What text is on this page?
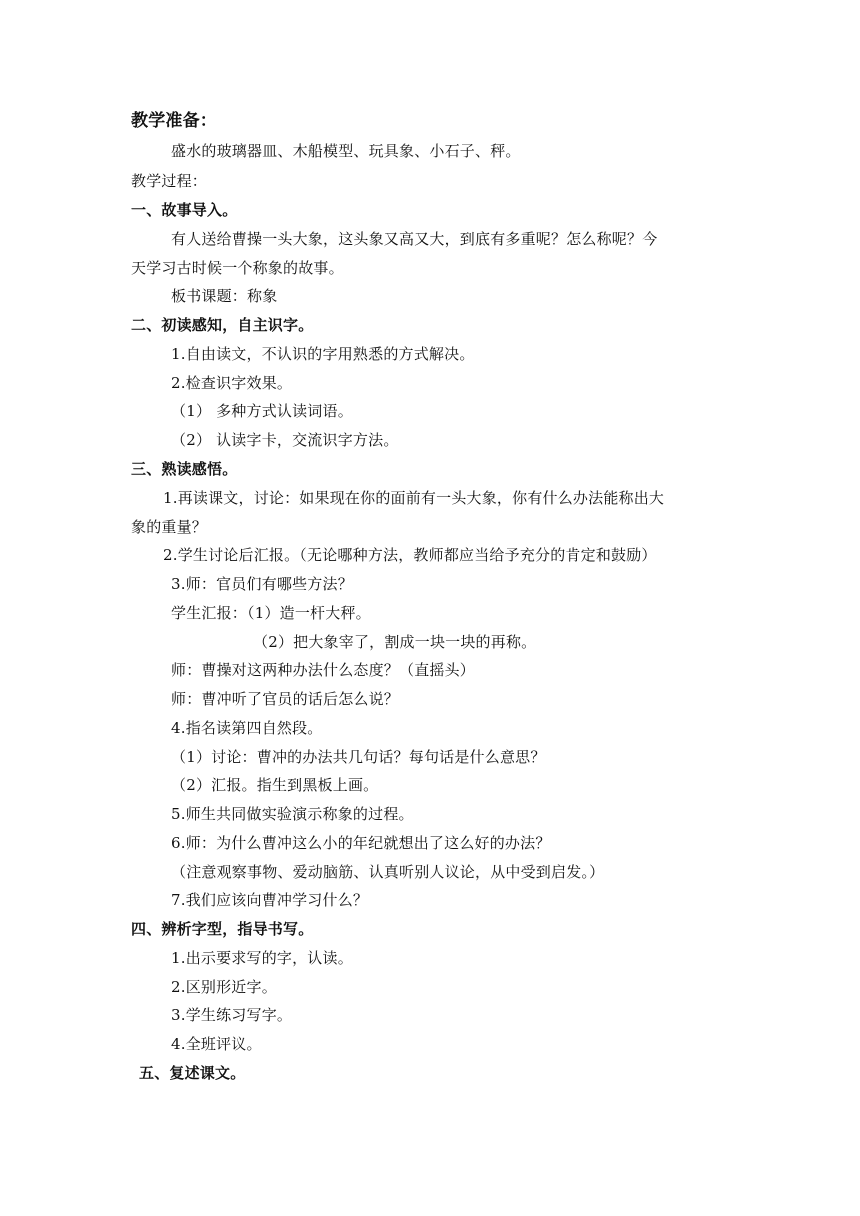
教学准备：
盛水的玻璃器皿、木船模型、玩具象、小石子、秤。
教学过程：
一、故事导入。
有人送给曹操一头大象，这头象又高又大，到底有多重呢？怎么称呢？今
天学习古时候一个称象的故事。
板书课题：称象
二、初读感知，自主识字。
1.自由读文，不认识的字用熟悉的方式解决。
2.检查识字效果。
（1） 多种方式认读词语。
（2） 认读字卡，交流识字方法。
三、熟读感悟。
1.再读课文，讨论：如果现在你的面前有一头大象，你有什么办法能称出大
象的重量？
2.学生讨论后汇报。（无论哪种方法，教师都应当给予充分的肯定和鼓励）
3.师：官员们有哪些方法？
学生汇报：（1）造一杆大秤。
（2）把大象宰了，割成一块一块的再称。
师：曹操对这两种办法什么态度？（直摇头）
师：曹冲听了官员的话后怎么说？
4.指名读第四自然段。
（1）讨论：曹冲的办法共几句话？每句话是什么意思？
（2）汇报。指生到黑板上画。
5.师生共同做实验演示称象的过程。
6.师：为什么曹冲这么小的年纪就想出了这么好的办法？
（注意观察事物、爱动脑筋、认真听别人议论，从中受到启发。）
7.我们应该向曹冲学习什么？
四、辨析字型，指导书写。
1.出示要求写的字，认读。
2.区别形近字。
3.学生练习写字。
4.全班评议。
五、复述课文。
